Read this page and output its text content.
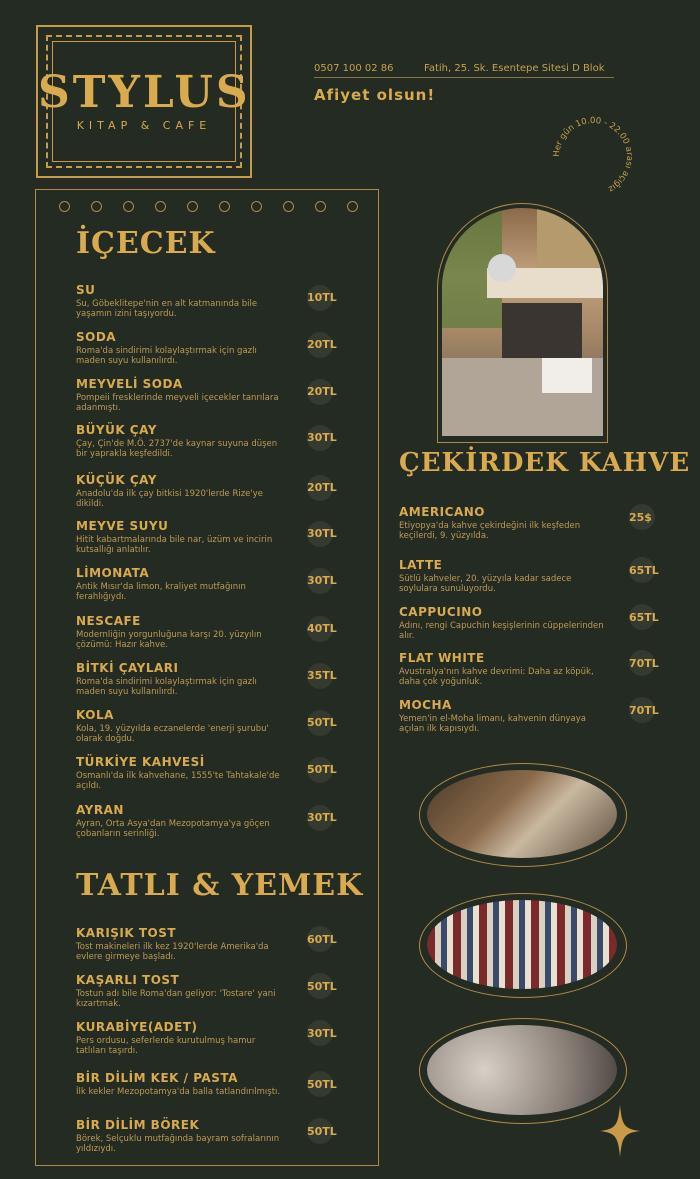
STYLUS
KITAP & CAFE
0507 100 02 86	Fatih, 25. Sk. Esentepe Sitesi D Blok
Afiyet olsun!
Her gün 10.00 - 22.00 arası açığız
İÇECEK
SU
Su, Göbeklitepe'nin en alt katmanında bile yaşamın izini taşıyordu.
10TL
SODA
Roma'da sindirimi kolaylaştırmak için gazlı maden suyu kullanılırdı.
20TL
MEYVELİ SODA
Pompeii fresklerinde meyveli içecekler tanrılara adanmıştı.
20TL
BÜYÜK ÇAY
Çay, Çin'de M.Ö. 2737'de kaynar suyuna düşen bir yaprakla keşfedildi.
30TL
KÜÇÜK ÇAY
Anadolu'da ilk çay bitkisi 1920'lerde Rize'ye dikildi.
20TL
MEYVE SUYU
Hitit kabartmalarında bile nar, üzüm ve incirin kutsallığı anlatılır.
30TL
LİMONATA
Antik Mısır'da limon, kraliyet mutfağının ferahlığıydı.
30TL
NESCAFE
Modernliğin yorgunluğuna karşı 20. yüzyılın çözümü: Hazır kahve.
40TL
BİTKİ ÇAYLARI
Roma'da sindirimi kolaylaştırmak için gazlı maden suyu kullanılırdı.
35TL
KOLA
Kola, 19. yüzyılda eczanelerde 'enerji şurubu' olarak doğdu.
50TL
TÜRKİYE KAHVESİ
Osmanlı'da ilk kahvehane, 1555'te Tahtakale'de açıldı.
50TL
AYRAN
Ayran, Orta Asya'dan Mezopotamya'ya göçen çobanların serinliği.
30TL
TATLI & YEMEK
KARIŞIK TOST
Tost makineleri ilk kez 1920'lerde Amerika'da evlere girmeye başladı.
60TL
KAŞARLI TOST
Tostun adı bile Roma'dan geliyor: 'Tostare' yani kızartmak.
50TL
KURABİYE(ADET)
Pers ordusu, seferlerde kurutulmuş hamur tatlıları taşırdı.
30TL
BİR DİLİM KEK / PASTA
İlk kekler Mezopotamya'da balla tatlandırılmıştı.
50TL
BİR DİLİM BÖREK
Börek, Selçuklu mutfağında bayram sofralarının yıldızıydı.
50TL
ÇEKİRDEK KAHVE
AMERICANO
Etiyopya'da kahve çekirdeğini ilk keşfeden keçilerdi, 9. yüzyılda.
25$
LATTE
Sütlü kahveler, 20. yüzyıla kadar sadece soylulara sunuluyordu.
65TL
CAPPUCINO
Adını, rengi Capuchin keşişlerinin cüppelerinden alır.
65TL
FLAT WHITE
Avustralya'nın kahve devrimi: Daha az köpük, daha çok yoğunluk.
70TL
MOCHA
Yemen'in el-Moha limanı, kahvenin dünyaya açılan ilk kapısıydı.
70TL
